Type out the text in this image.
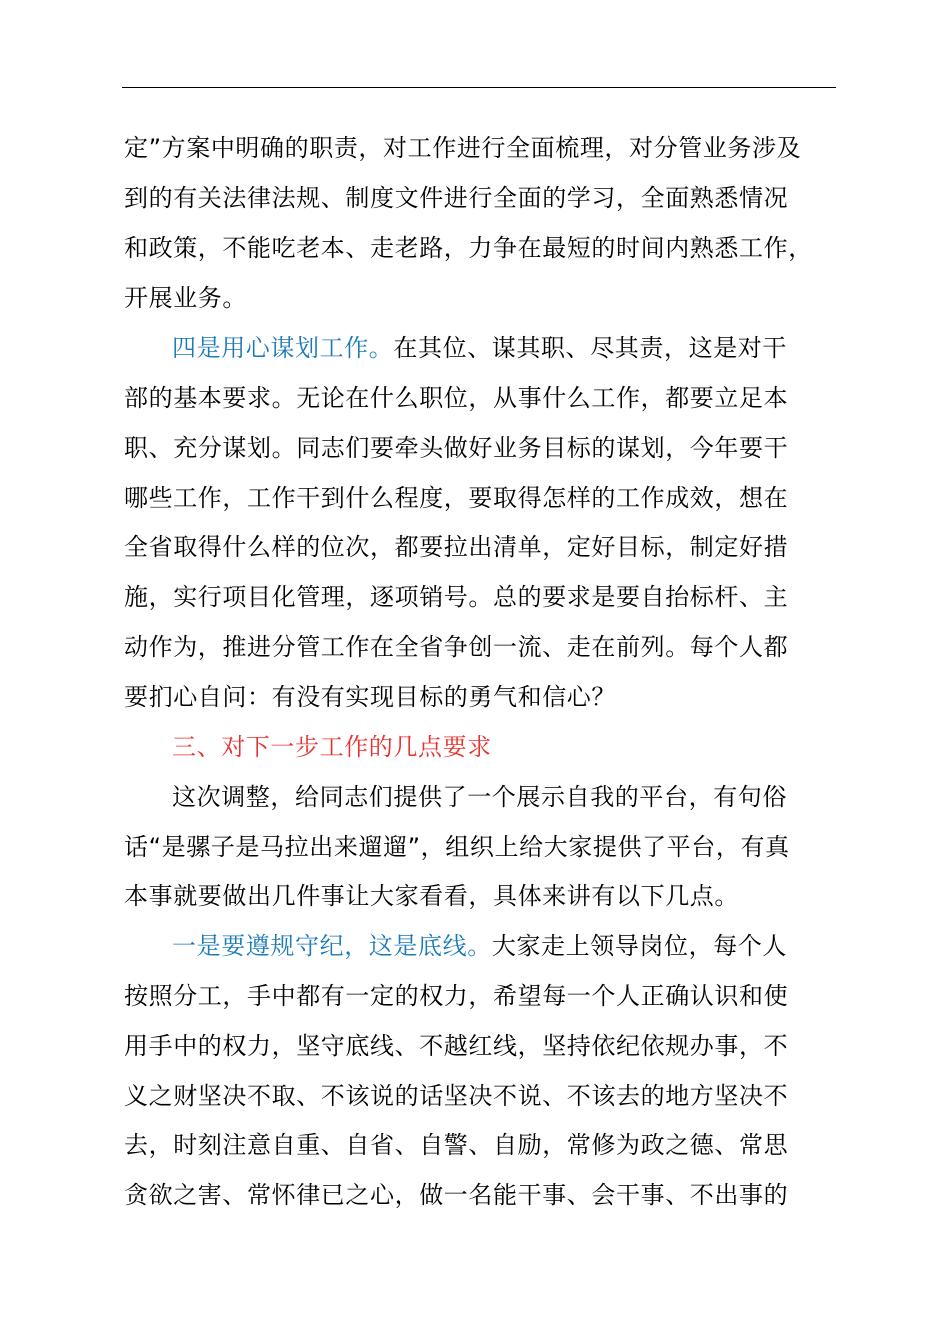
定”方案中明确的职责，对工作进行全面梳理，对分管业务涉及
到的有关法律法规、制度文件进行全面的学习，全面熟悉情况
和政策，不能吃老本、走老路，力争在最短的时间内熟悉工作，
开展业务。
四是用心谋划工作。在其位、谋其职、尽其责，这是对干
部的基本要求。无论在什么职位，从事什么工作，都要立足本
职、充分谋划。同志们要牵头做好业务目标的谋划，今年要干
哪些工作，工作干到什么程度，要取得怎样的工作成效，想在
全省取得什么样的位次，都要拉出清单，定好目标，制定好措
施，实行项目化管理，逐项销号。总的要求是要自抬标杆、主
动作为，推进分管工作在全省争创一流、走在前列。每个人都
要扪心自问：有没有实现目标的勇气和信心？
三、对下一步工作的几点要求
这次调整，给同志们提供了一个展示自我的平台，有句俗
话“是骡子是马拉出来遛遛”，组织上给大家提供了平台，有真
本事就要做出几件事让大家看看，具体来讲有以下几点。
一是要遵规守纪，这是底线。大家走上领导岗位，每个人
按照分工，手中都有一定的权力，希望每一个人正确认识和使
用手中的权力，坚守底线、不越红线，坚持依纪依规办事，不
义之财坚决不取、不该说的话坚决不说、不该去的地方坚决不
去，时刻注意自重、自省、自警、自励，常修为政之德、常思
贪欲之害、常怀律已之心，做一名能干事、会干事、不出事的
